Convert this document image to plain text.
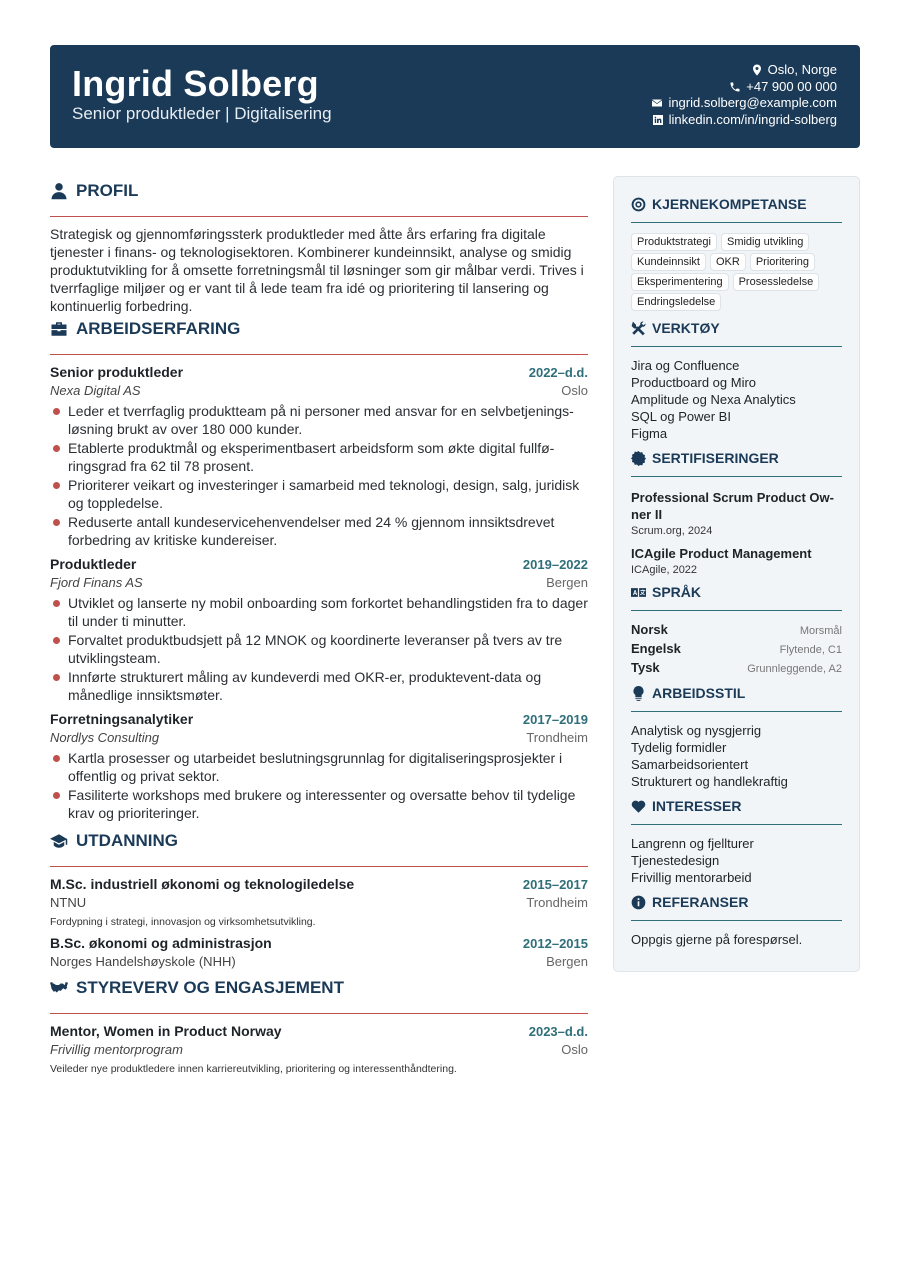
Ingrid Solberg
Senior produktleder | Digitalisering
Oslo, Norge
+47 900 00 000
ingrid.solberg@example.com
linkedin.com/in/ingrid-solberg
PROFIL

Strategisk og gjennomføringssterk produktleder med åtte års erfaring fra digitale tjenester i finans- og teknologisektoren. Kombinerer kundeinnsikt, analyse og smidig produktutvikling for å omsette forretningsmål til løsninger som gir målbar verdi. Trives i tverrfaglige miljøer og er vant til å lede team fra idé og prioritering til lansering og kontinuerlig forbedring.

ARBEIDSERFARING
Senior produktleder	2022–d.d.
Nexa Digital AS	Oslo
Leder et tverrfaglig produktteam på ni personer med ansvar for en selvbetjeningsløsning brukt av over 180 000 kunder.
Etablerte produktmål og eksperimentbasert arbeidsform som økte digital fullføringsgrad fra 62 til 78 prosent.
Prioriterer veikart og investeringer i samarbeid med teknologi, design, salg, juridisk og toppledelse.
Reduserte antall kundeservicehenvendelser med 24 % gjennom innsiktsdrevet forbedring av kritiske kundereiser.
Produktleder	2019–2022
Fjord Finans AS	Bergen
Utviklet og lanserte ny mobil onboarding som forkortet behandlingstiden fra to dager til under ti minutter.
Forvaltet produktbudsjett på 12 MNOK og koordinerte leveranser på tvers av tre utviklingsteam.
Innførte strukturert måling av kundeverdi med OKR-er, produktevent-data og månedlige innsiktsmøter.
Forretningsanalytiker	2017–2019
Nordlys Consulting	Trondheim
Kartla prosesser og utarbeidet beslutningsgrunnlag for digitaliseringsprosjekter i offentlig og privat sektor.
Fasiliterte workshops med brukere og interessenter og oversatte behov til tydelige krav og prioriteringer.
UTDANNING
M.Sc. industriell økonomi og teknologiledelse	2015–2017
NTNU	Trondheim
Fordypning i strategi, innovasjon og virksomhetsutvikling.
B.Sc. økonomi og administrasjon	2012–2015
Norges Handelshøyskole (NHH)	Bergen
STYREVERV OG ENGASJEMENT
Mentor, Women in Product Norway	2023–d.d.
Frivillig mentorprogram	Oslo
Veileder nye produktledere innen karriereutvikling, prioritering og interessenthåndtering.
KJERNEKOMPETANSE
Produktstrategi	Smidig utvikling
Kundeinnsikt	OKR	Prioritering
Eksperimentering	Prosessledelse
Endringsledelse
VERKTØY
Jira og Confluence
Productboard og Miro
Amplitude og Nexa Analytics
SQL og Power BI
Figma
SERTIFISERINGER
Professional Scrum Product Owner II
Scrum.org, 2024
ICAgile Product Management
ICAgile, 2022
SPRÅK
Norsk	Morsmål
Engelsk	Flytende, C1
Tysk	Grunnleggende, A2
ARBEIDSSTIL
Analytisk og nysgjerrig
Tydelig formidler
Samarbeidsorientert
Strukturert og handlekraftig
INTERESSER
Langrenn og fjellturer
Tjenestedesign
Frivillig mentorarbeid
REFERANSER
Oppgis gjerne på forespørsel.
